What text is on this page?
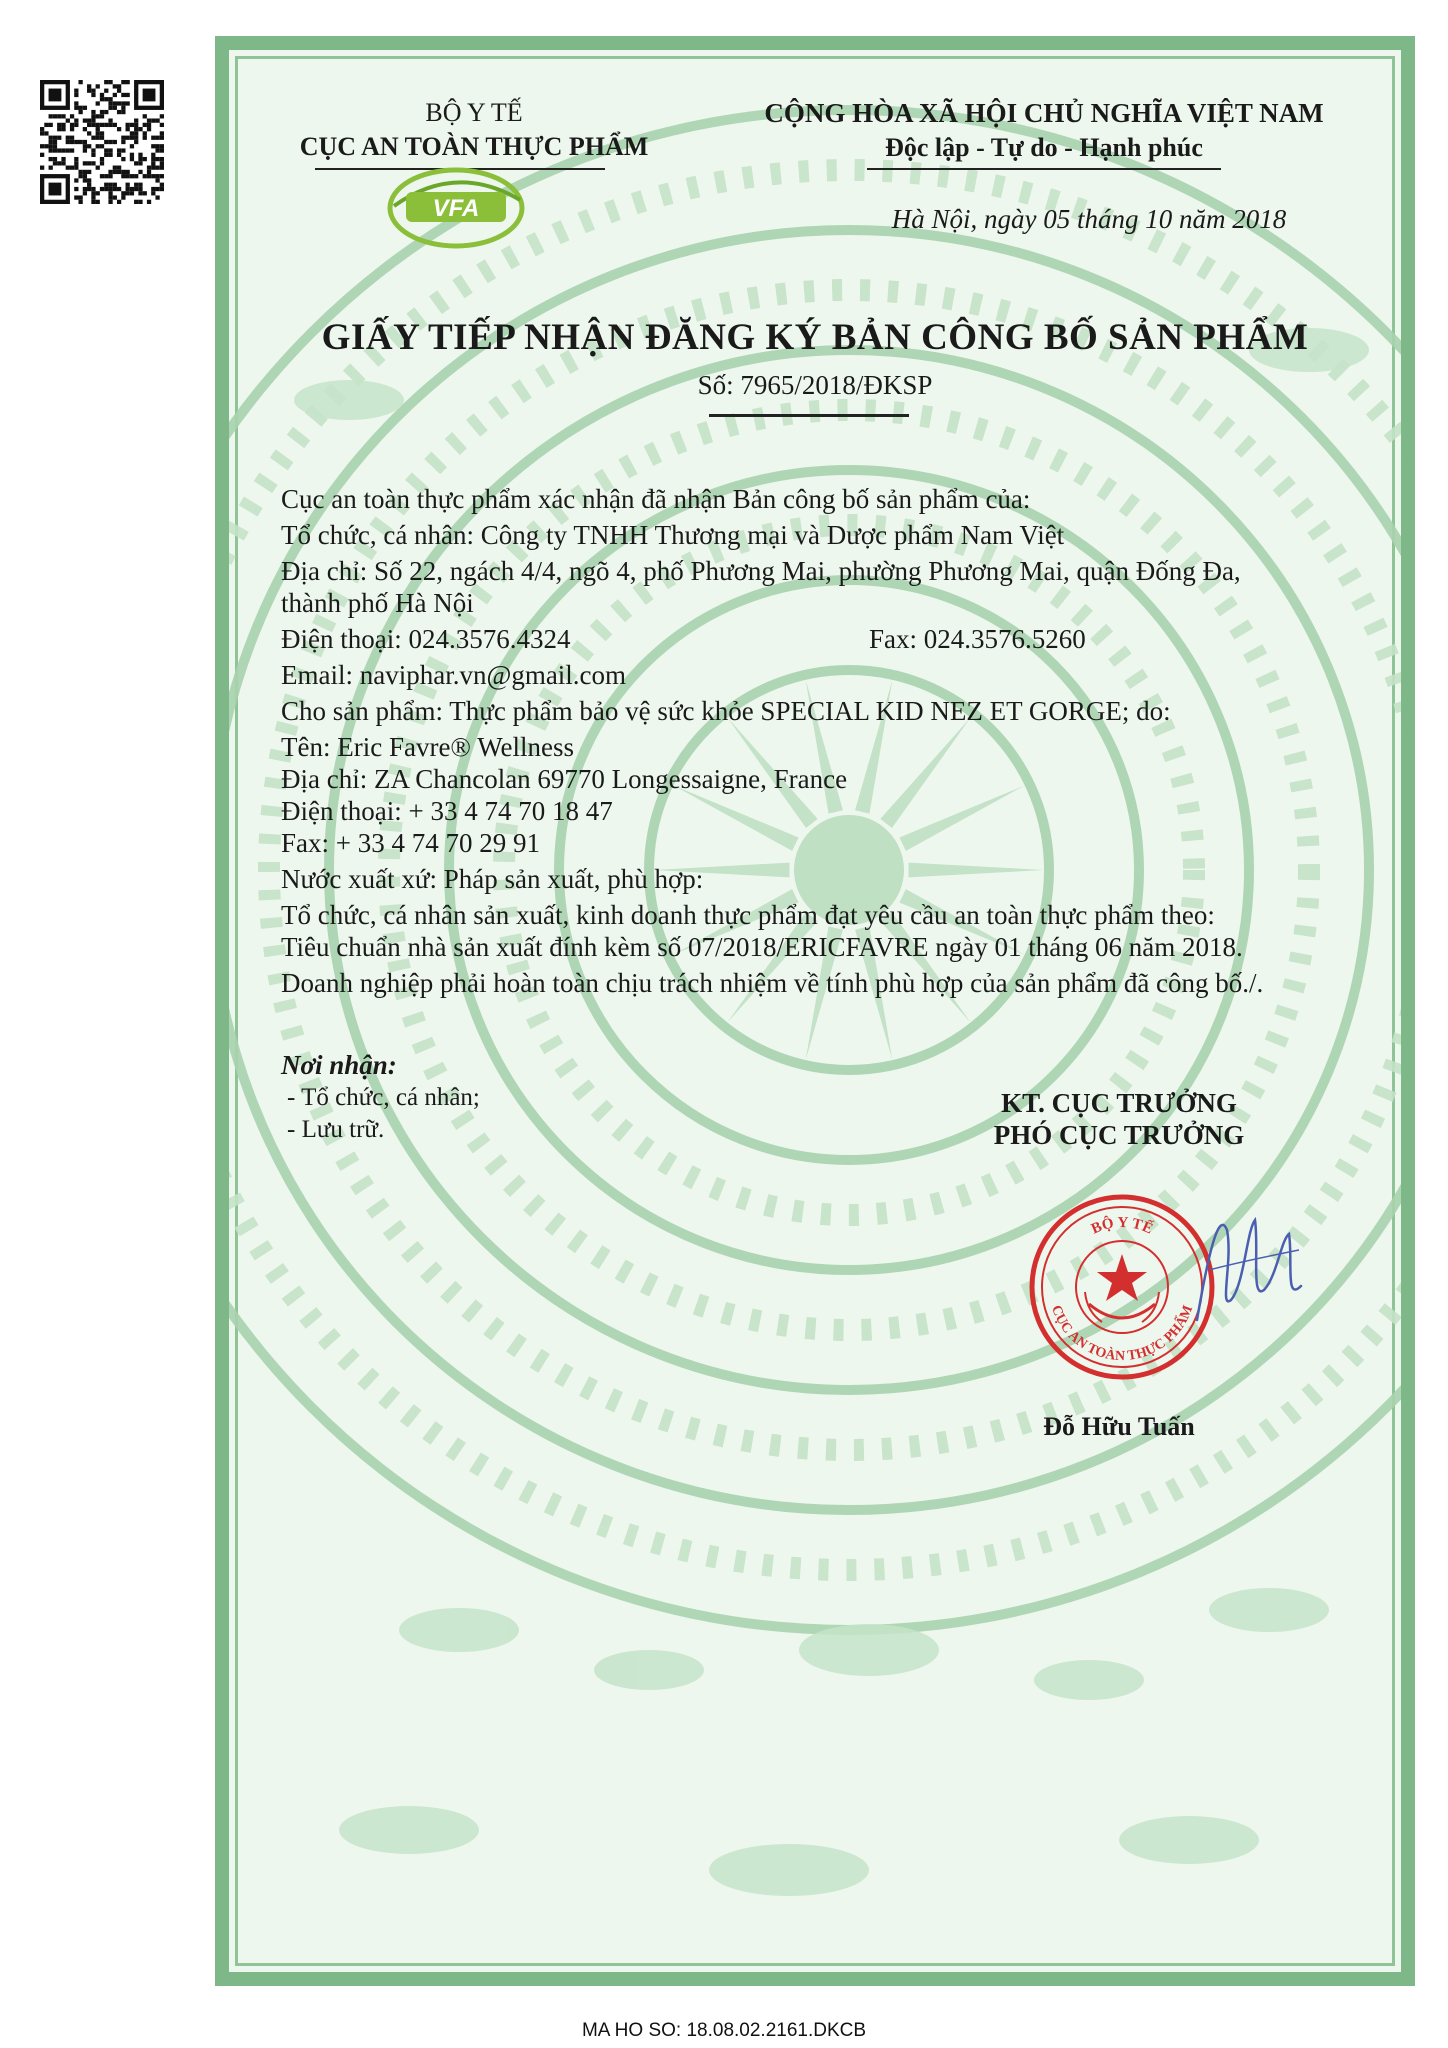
BỘ Y TẾ
CỤC AN TOÀN THỰC PHẨM
VFA
CỘNG HÒA XÃ HỘI CHỦ NGHĨA VIỆT NAM
Độc lập - Tự do - Hạnh phúc
Hà Nội, ngày 05 tháng 10 năm 2018
GIẤY TIẾP NHẬN ĐĂNG KÝ BẢN CÔNG BỐ SẢN PHẨM
Số: 7965/2018/ĐKSP
Cục an toàn thực phẩm xác nhận đã nhận Bản công bố sản phẩm của:
Tổ chức, cá nhân: Công ty TNHH Thương mại và Dược phẩm Nam Việt
Địa chỉ: Số 22, ngách 4/4, ngõ 4, phố Phương Mai, phường Phương Mai, quận Đống Đa,
thành phố Hà Nội
Điện thoại: 024.3576.4324	Fax: 024.3576.5260
Email: naviphar.vn@gmail.com
Cho sản phẩm: Thực phẩm bảo vệ sức khỏe SPECIAL KID NEZ ET GORGE; do:
Tên: Eric Favre® Wellness
Địa chỉ: ZA Chancolan 69770 Longessaigne, France
Điện thoại: + 33 4 74 70 18 47
Fax: + 33 4 74 70 29 91
Nước xuất xứ: Pháp sản xuất, phù hợp:
Tổ chức, cá nhân sản xuất, kinh doanh thực phẩm đạt yêu cầu an toàn thực phẩm theo:
Tiêu chuẩn nhà sản xuất đính kèm số 07/2018/ERICFAVRE ngày 01 tháng 06 năm 2018.
Doanh nghiệp phải hoàn toàn chịu trách nhiệm về tính phù hợp của sản phẩm đã công bố./.
Nơi nhận:
- Tổ chức, cá nhân;
- Lưu trữ.
KT. CỤC TRƯỞNG
PHÓ CỤC TRƯỞNG
BỘ Y TẾ
CỤC AN TOÀN THỰC PHẨM
Đỗ Hữu Tuấn
MA HO SO: 18.08.02.2161.DKCB
